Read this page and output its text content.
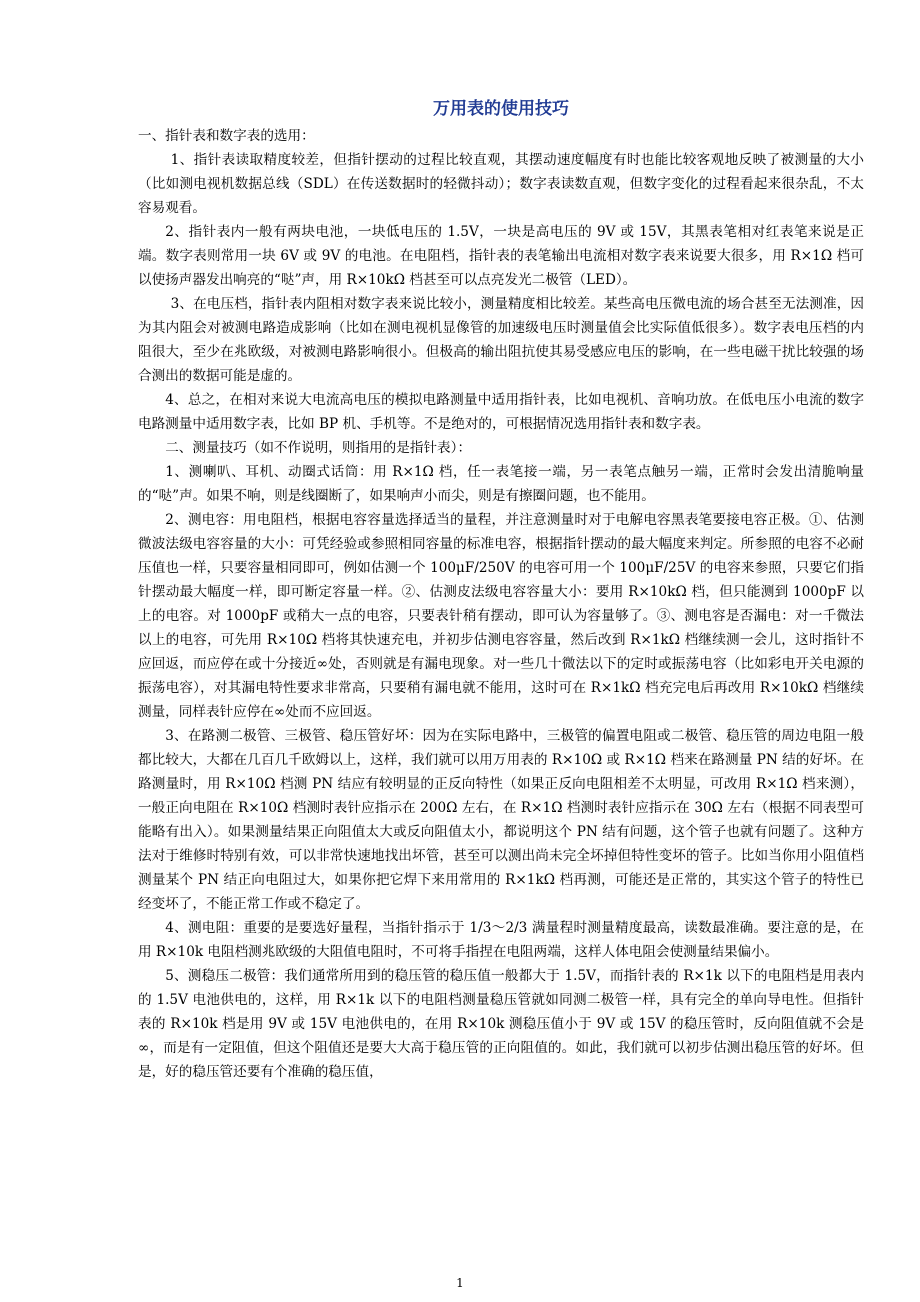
万用表的使用技巧
一、指针表和数字表的选用：

1、指针表读取精度较差，但指针摆动的过程比较直观，其摆动速度幅度有时也能比较客观地反映了被测量的大小（比如测电视机数据总线（SDL）在传送数据时的轻微抖动）；数字表读数直观，但数字变化的过程看起来很杂乱，不太容易观看。

2、指针表内一般有两块电池，一块低电压的 1.5V，一块是高电压的 9V 或 15V，其黑表笔相对红表笔来说是正端。数字表则常用一块 6V 或 9V 的电池。在电阻档，指针表的表笔输出电流相对数字表来说要大很多，用 R×1Ω 档可以使扬声器发出响亮的“哒”声，用 R×10kΩ 档甚至可以点亮发光二极管（LED）。

3、在电压档，指针表内阻相对数字表来说比较小，测量精度相比较差。某些高电压微电流的场合甚至无法测准，因为其内阻会对被测电路造成影响（比如在测电视机显像管的加速级电压时测量值会比实际值低很多）。数字表电压档的内阻很大，至少在兆欧级，对被测电路影响很小。但极高的输出阻抗使其易受感应电压的影响，在一些电磁干扰比较强的场合测出的数据可能是虚的。

4、总之，在相对来说大电流高电压的模拟电路测量中适用指针表，比如电视机、音响功放。在低电压小电流的数字电路测量中适用数字表，比如 BP 机、手机等。不是绝对的，可根据情况选用指针表和数字表。

二、测量技巧（如不作说明，则指用的是指针表）：

1、测喇叭、耳机、动圈式话筒：用 R×1Ω 档，任一表笔接一端，另一表笔点触另一端，正常时会发出清脆响量的“哒”声。如果不响，则是线圈断了，如果响声小而尖，则是有擦圈问题，也不能用。

2、测电容：用电阻档，根据电容容量选择适当的量程，并注意测量时对于电解电容黑表笔要接电容正极。①、估测微波法级电容容量的大小：可凭经验或参照相同容量的标准电容，根据指针摆动的最大幅度来判定。所参照的电容不必耐压值也一样，只要容量相同即可，例如估测一个 100μF/250V 的电容可用一个 100μF/25V 的电容来参照，只要它们指针摆动最大幅度一样，即可断定容量一样。②、估测皮法级电容容量大小：要用 R×10kΩ 档，但只能测到 1000pF 以上的电容。对 1000pF 或稍大一点的电容，只要表针稍有摆动，即可认为容量够了。③、测电容是否漏电：对一千微法以上的电容，可先用 R×10Ω 档将其快速充电，并初步估测电容容量，然后改到 R×1kΩ 档继续测一会儿，这时指针不应回返，而应停在或十分接近∞处，否则就是有漏电现象。对一些几十微法以下的定时或振荡电容（比如彩电开关电源的振荡电容），对其漏电特性要求非常高，只要稍有漏电就不能用，这时可在 R×1kΩ 档充完电后再改用 R×10kΩ 档继续测量，同样表针应停在∞处而不应回返。

3、在路测二极管、三极管、稳压管好坏：因为在实际电路中，三极管的偏置电阻或二极管、稳压管的周边电阻一般都比较大，大都在几百几千欧姆以上，这样，我们就可以用万用表的 R×10Ω 或 R×1Ω 档来在路测量 PN 结的好坏。在路测量时，用 R×10Ω 档测 PN 结应有较明显的正反向特性（如果正反向电阻相差不太明显，可改用 R×1Ω 档来测），一般正向电阻在 R×10Ω 档测时表针应指示在 200Ω 左右，在 R×1Ω 档测时表针应指示在 30Ω 左右（根据不同表型可能略有出入）。如果测量结果正向阻值太大或反向阻值太小，都说明这个 PN 结有问题，这个管子也就有问题了。这种方法对于维修时特别有效，可以非常快速地找出坏管，甚至可以测出尚未完全坏掉但特性变坏的管子。比如当你用小阻值档测量某个 PN 结正向电阻过大，如果你把它焊下来用常用的 R×1kΩ 档再测，可能还是正常的，其实这个管子的特性已经变坏了，不能正常工作或不稳定了。

4、测电阻：重要的是要选好量程，当指针指示于 1/3～2/3 满量程时测量精度最高，读数最准确。要注意的是，在用 R×10k 电阻档测兆欧级的大阻值电阻时，不可将手指捏在电阻两端，这样人体电阻会使测量结果偏小。

5、测稳压二极管：我们通常所用到的稳压管的稳压值一般都大于 1.5V，而指针表的 R×1k 以下的电阻档是用表内的 1.5V 电池供电的，这样，用 R×1k 以下的电阻档测量稳压管就如同测二极管一样，具有完全的单向导电性。但指针表的 R×10k 档是用 9V 或 15V 电池供电的，在用 R×10k 测稳压值小于 9V 或 15V 的稳压管时，反向阻值就不会是∞，而是有一定阻值，但这个阻值还是要大大高于稳压管的正向阻值的。如此，我们就可以初步估测出稳压管的好坏。但是，好的稳压管还要有个准确的稳压值，

1
